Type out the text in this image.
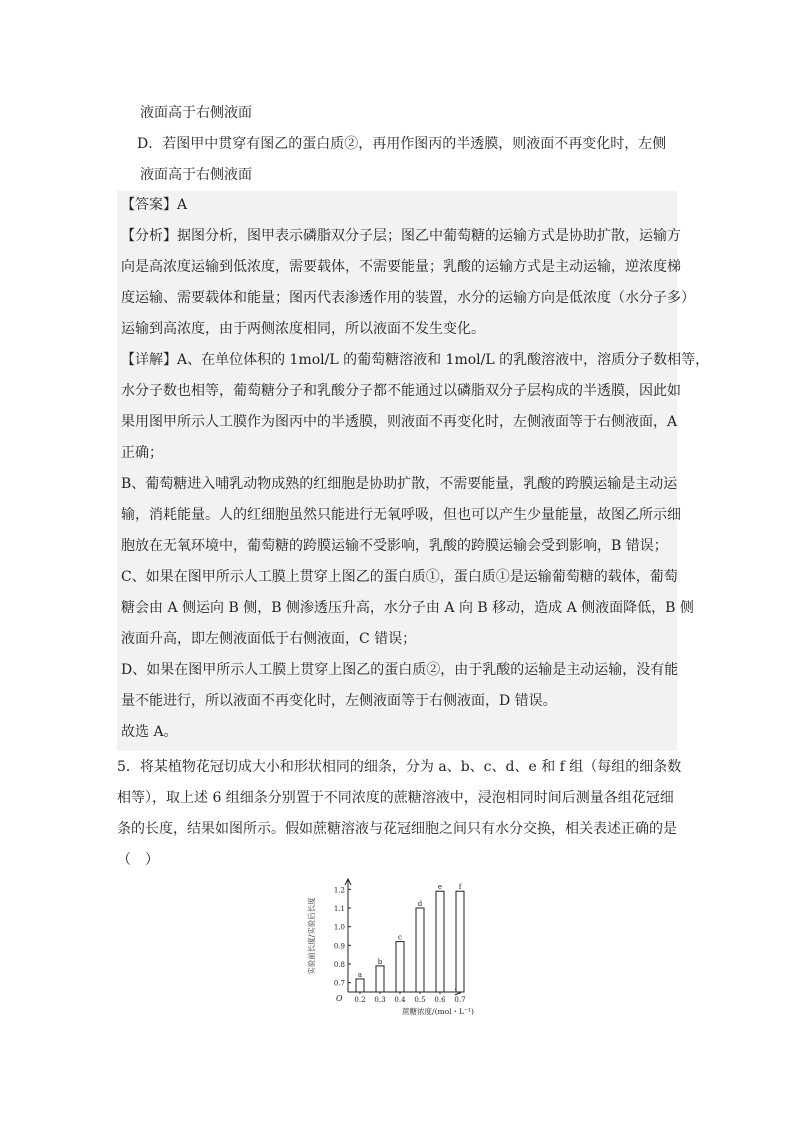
液面高于右侧液面
D．若图甲中贯穿有图乙的蛋白质②，再用作图丙的半透膜，则液面不再变化时，左侧
液面高于右侧液面
【答案】A
【分析】据图分析，图甲表示磷脂双分子层；图乙中葡萄糖的运输方式是协助扩散，运输方
向是高浓度运输到低浓度，需要载体，不需要能量；乳酸的运输方式是主动运输，逆浓度梯
度运输、需要载体和能量；图丙代表渗透作用的装置，水分的运输方向是低浓度（水分子多）
运输到高浓度，由于两侧浓度相同，所以液面不发生变化。
【详解】A、在单位体积的 1mol/L 的葡萄糖溶液和 1mol/L 的乳酸溶液中，溶质分子数相等，
水分子数也相等，葡萄糖分子和乳酸分子都不能通过以磷脂双分子层构成的半透膜，因此如
果用图甲所示人工膜作为图丙中的半透膜，则液面不再变化时，左侧液面等于右侧液面，A
正确；
B、葡萄糖进入哺乳动物成熟的红细胞是协助扩散，不需要能量，乳酸的跨膜运输是主动运
输，消耗能量。人的红细胞虽然只能进行无氧呼吸，但也可以产生少量能量，故图乙所示细
胞放在无氧环境中，葡萄糖的跨膜运输不受影响，乳酸的跨膜运输会受到影响，B 错误；
C、如果在图甲所示人工膜上贯穿上图乙的蛋白质①，蛋白质①是运输葡萄糖的载体，葡萄
糖会由 A 侧运向 B 侧，B 侧渗透压升高，水分子由 A 向 B 移动，造成 A 侧液面降低，B 侧
液面升高，即左侧液面低于右侧液面，C 错误；
D、如果在图甲所示人工膜上贯穿上图乙的蛋白质②，由于乳酸的运输是主动运输，没有能
量不能进行，所以液面不再变化时，左侧液面等于右侧液面，D 错误。
故选 A。
5．将某植物花冠切成大小和形状相同的细条，分为 a、b、c、d、e 和 f 组（每组的细条数
相等），取上述 6 组细条分别置于不同浓度的蔗糖溶液中，浸泡相同时间后测量各组花冠细
条的长度，结果如图所示。假如蔗糖溶液与花冠细胞之间只有水分交换，相关表述正确的是
（　）
0.7
0.8
0.9
1.0
1.1
1.2
O
a
0.2
b
0.3
c
0.4
d
0.5
e
0.6
f
0.7
实验前长度/实验后长度
蔗糖浓度/(mol・L⁻¹)
